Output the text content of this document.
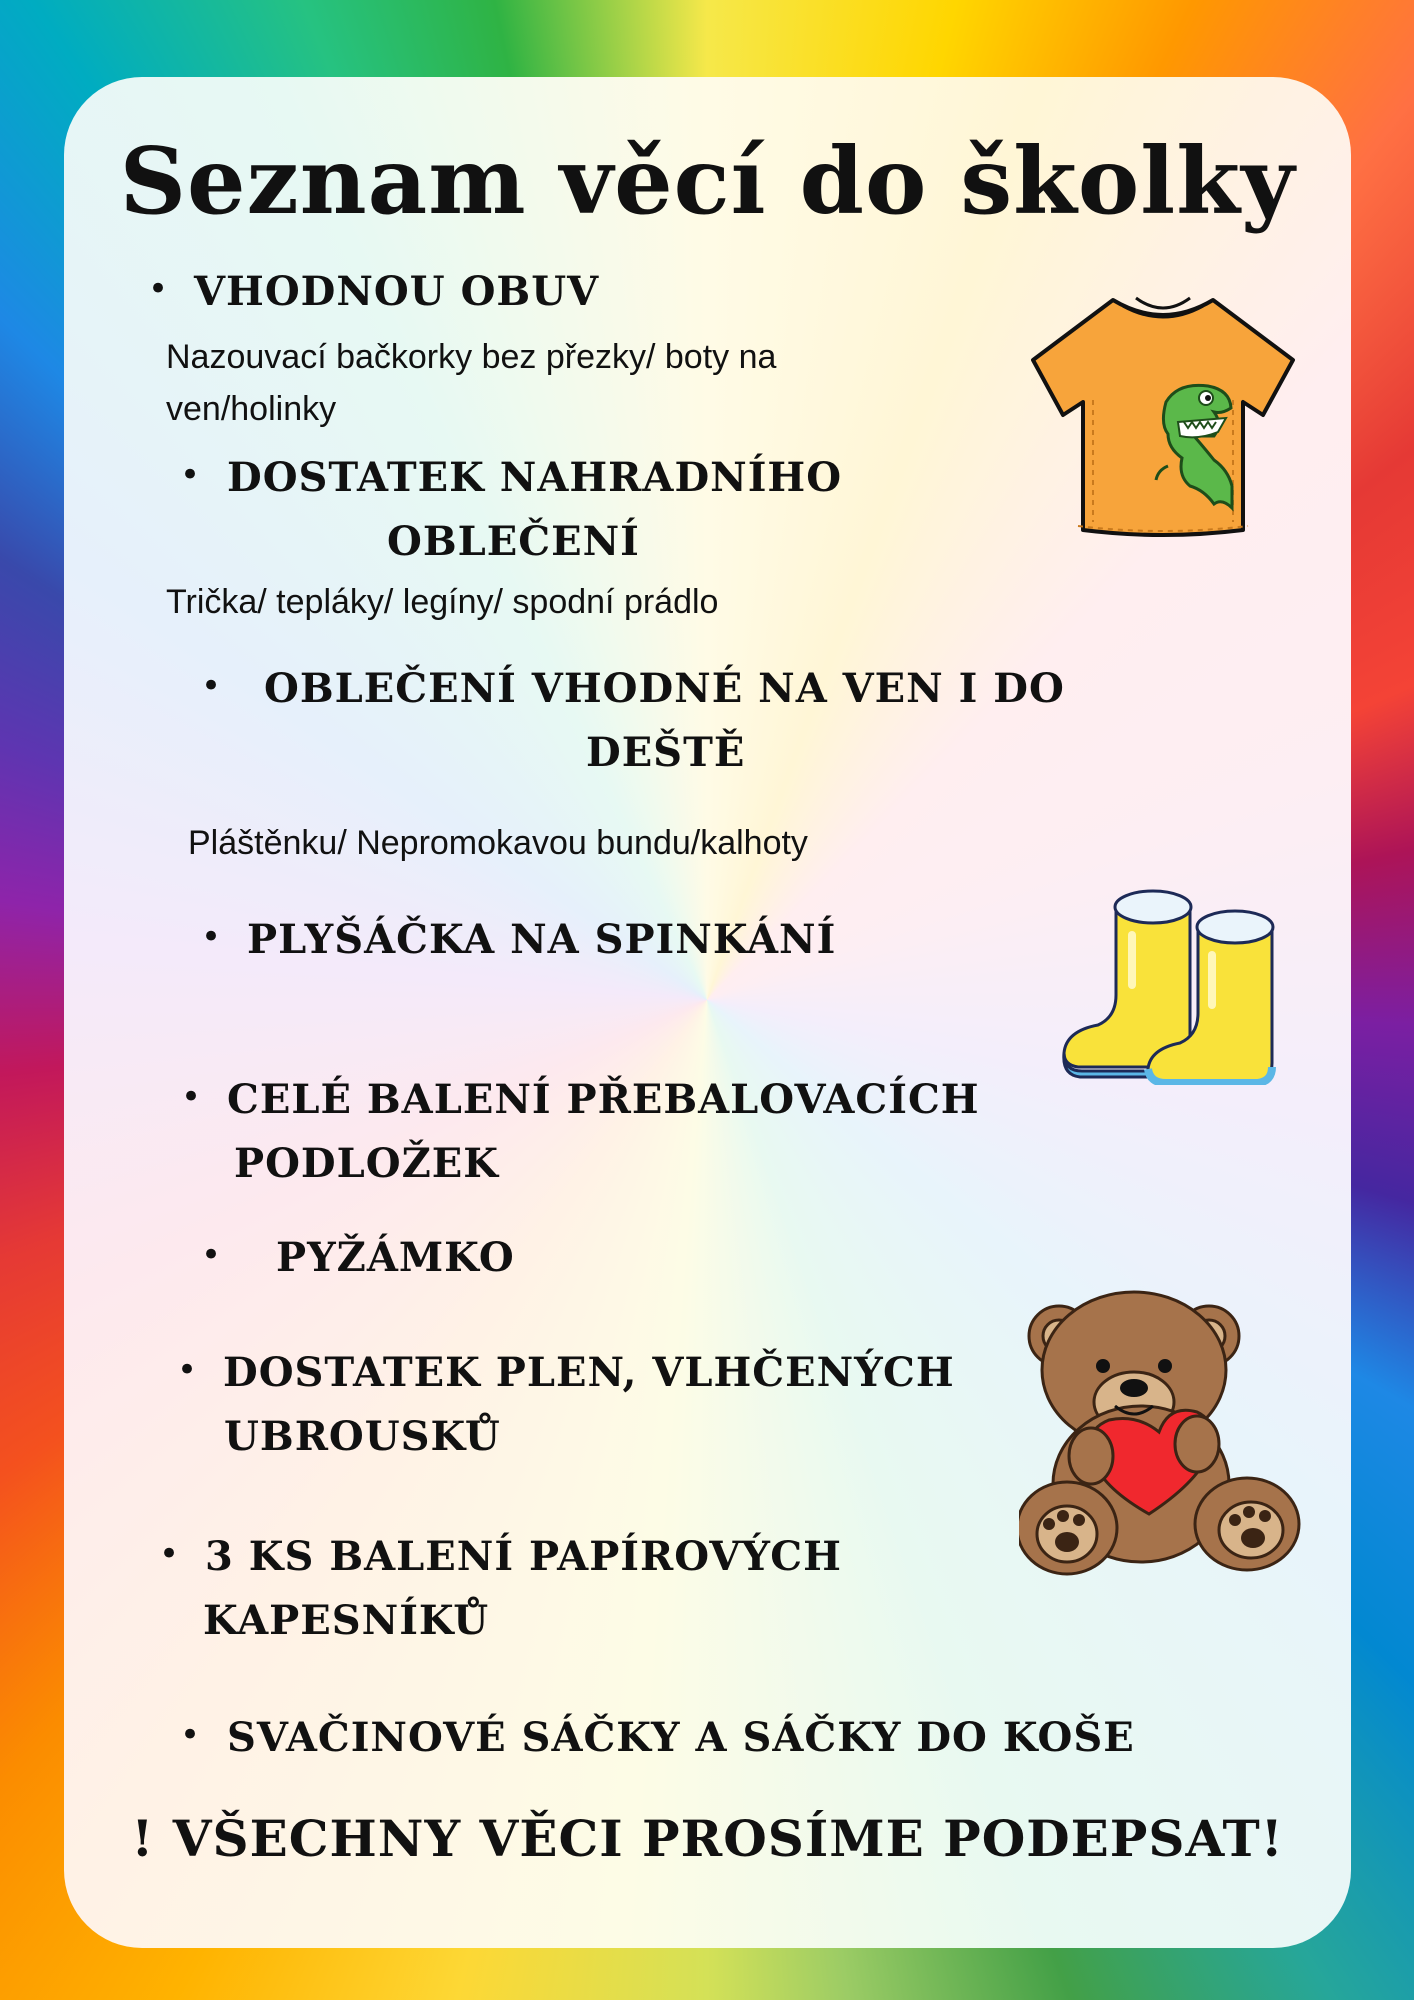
Seznam věcí do školky
• VHODNOU OBUV
Nazouvací bačkorky bez přezky/ boty na
ven/holinky
• DOSTATEK NAHRADNÍHO
OBLEČENÍ
Trička/ tepláky/ legíny/ spodní prádlo
• OBLEČENÍ VHODNÉ NA VEN I DO
DEŠTĚ
Pláštěnku/ Nepromokavou bundu/kalhoty
• PLYŠÁČKA NA SPINKÁNÍ
• CELÉ BALENÍ PŘEBALOVACÍCH
PODLOŽEK
• PYŽÁMKO
• DOSTATEK PLEN, VLHČENÝCH
UBROUSKŮ
• 3 KS BALENÍ PAPÍROVÝCH
KAPESNÍKŮ
• SVAČINOVÉ SÁČKY A SÁČKY DO KOŠE
! VŠECHNY VĚCI PROSÍME PODEPSAT!
